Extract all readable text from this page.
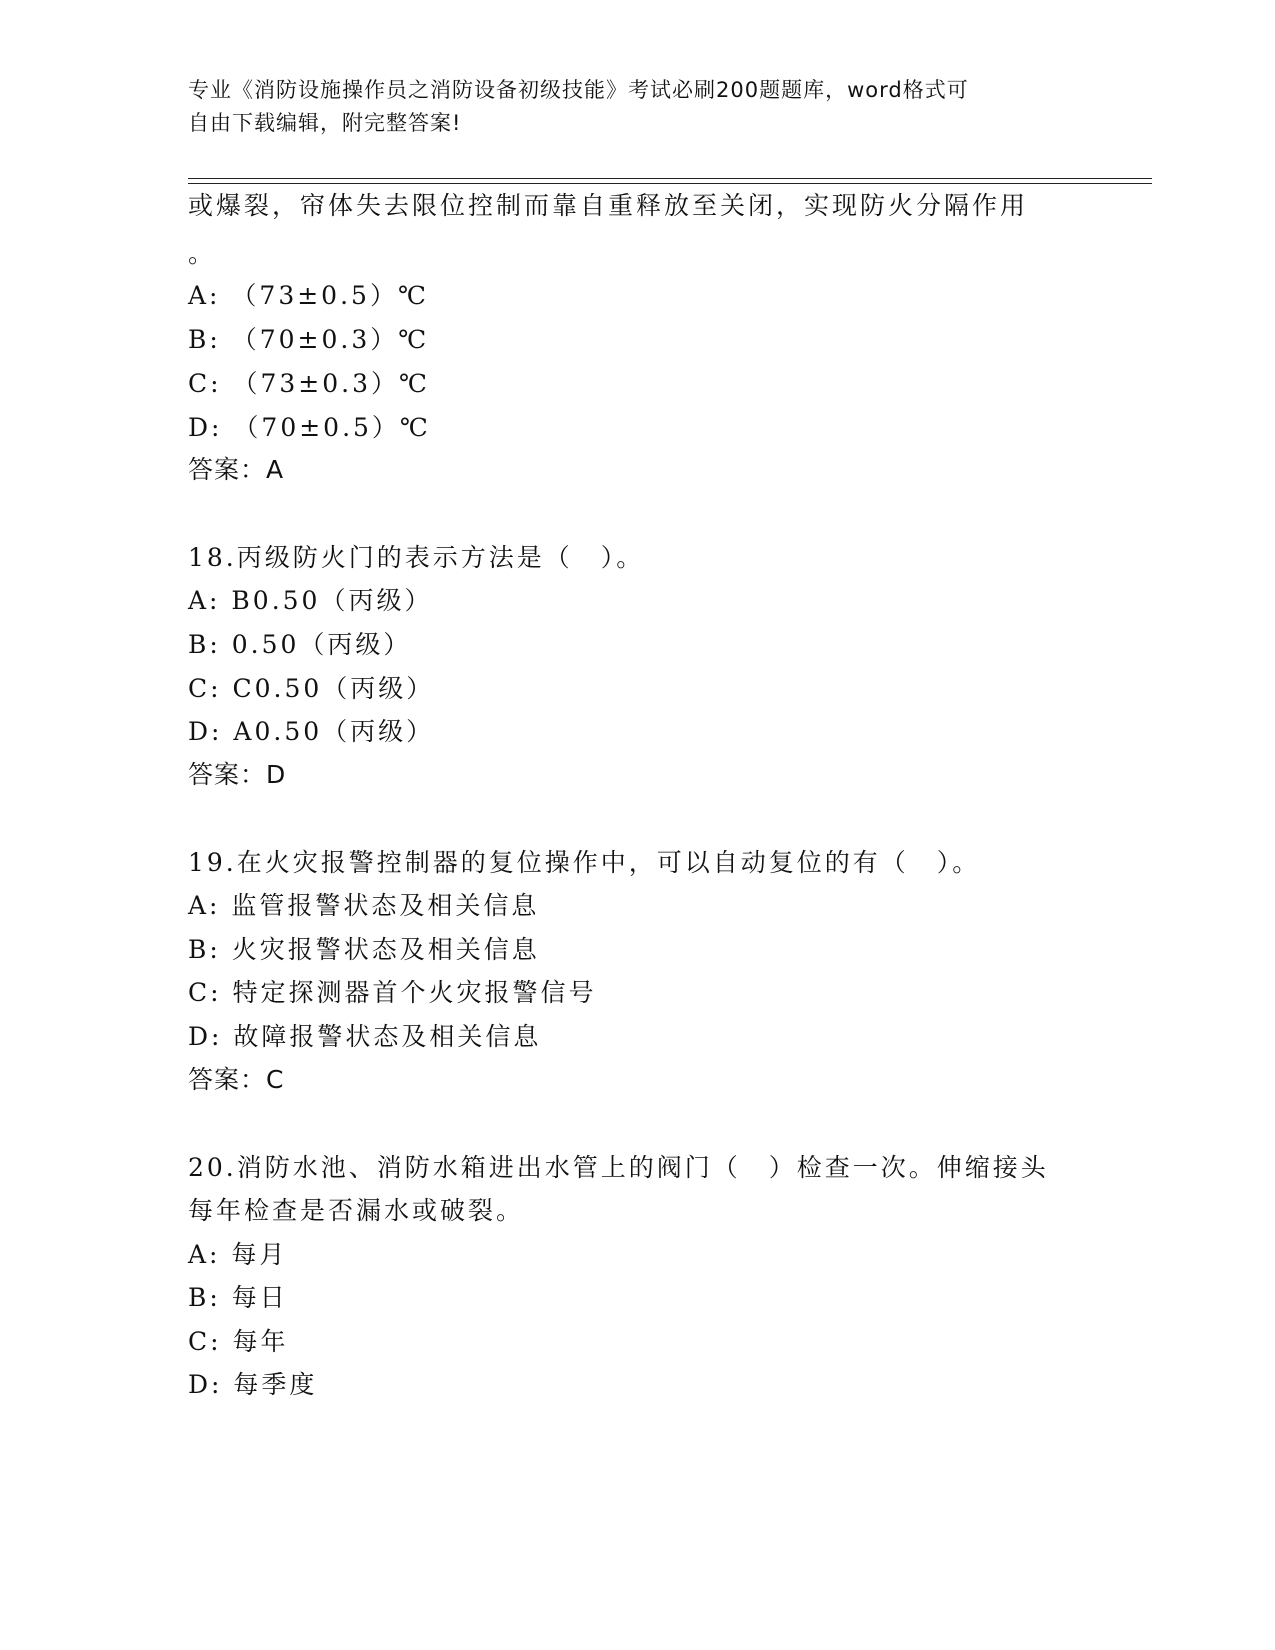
专业《消防设施操作员之消防设备初级技能》考试必刷200题题库，word格式可
自由下载编辑，附完整答案!
或爆裂，帘体失去限位控制而靠自重释放至关闭，实现防火分隔作用
。
A: （73±0.5）℃
B: （70±0.3）℃
C: （73±0.3）℃
D: （70±0.5）℃
答案：A
18.丙级防火门的表示方法是（　）。
A: B0.50（丙级）
B: 0.50（丙级）
C: C0.50（丙级）
D: A0.50（丙级）
答案：D
19.在火灾报警控制器的复位操作中，可以自动复位的有（　）。
A: 监管报警状态及相关信息
B: 火灾报警状态及相关信息
C: 特定探测器首个火灾报警信号
D: 故障报警状态及相关信息
答案：C
20.消防水池、消防水箱进出水管上的阀门（　）检查一次。伸缩接头
每年检查是否漏水或破裂。
A: 每月
B: 每日
C: 每年
D: 每季度
